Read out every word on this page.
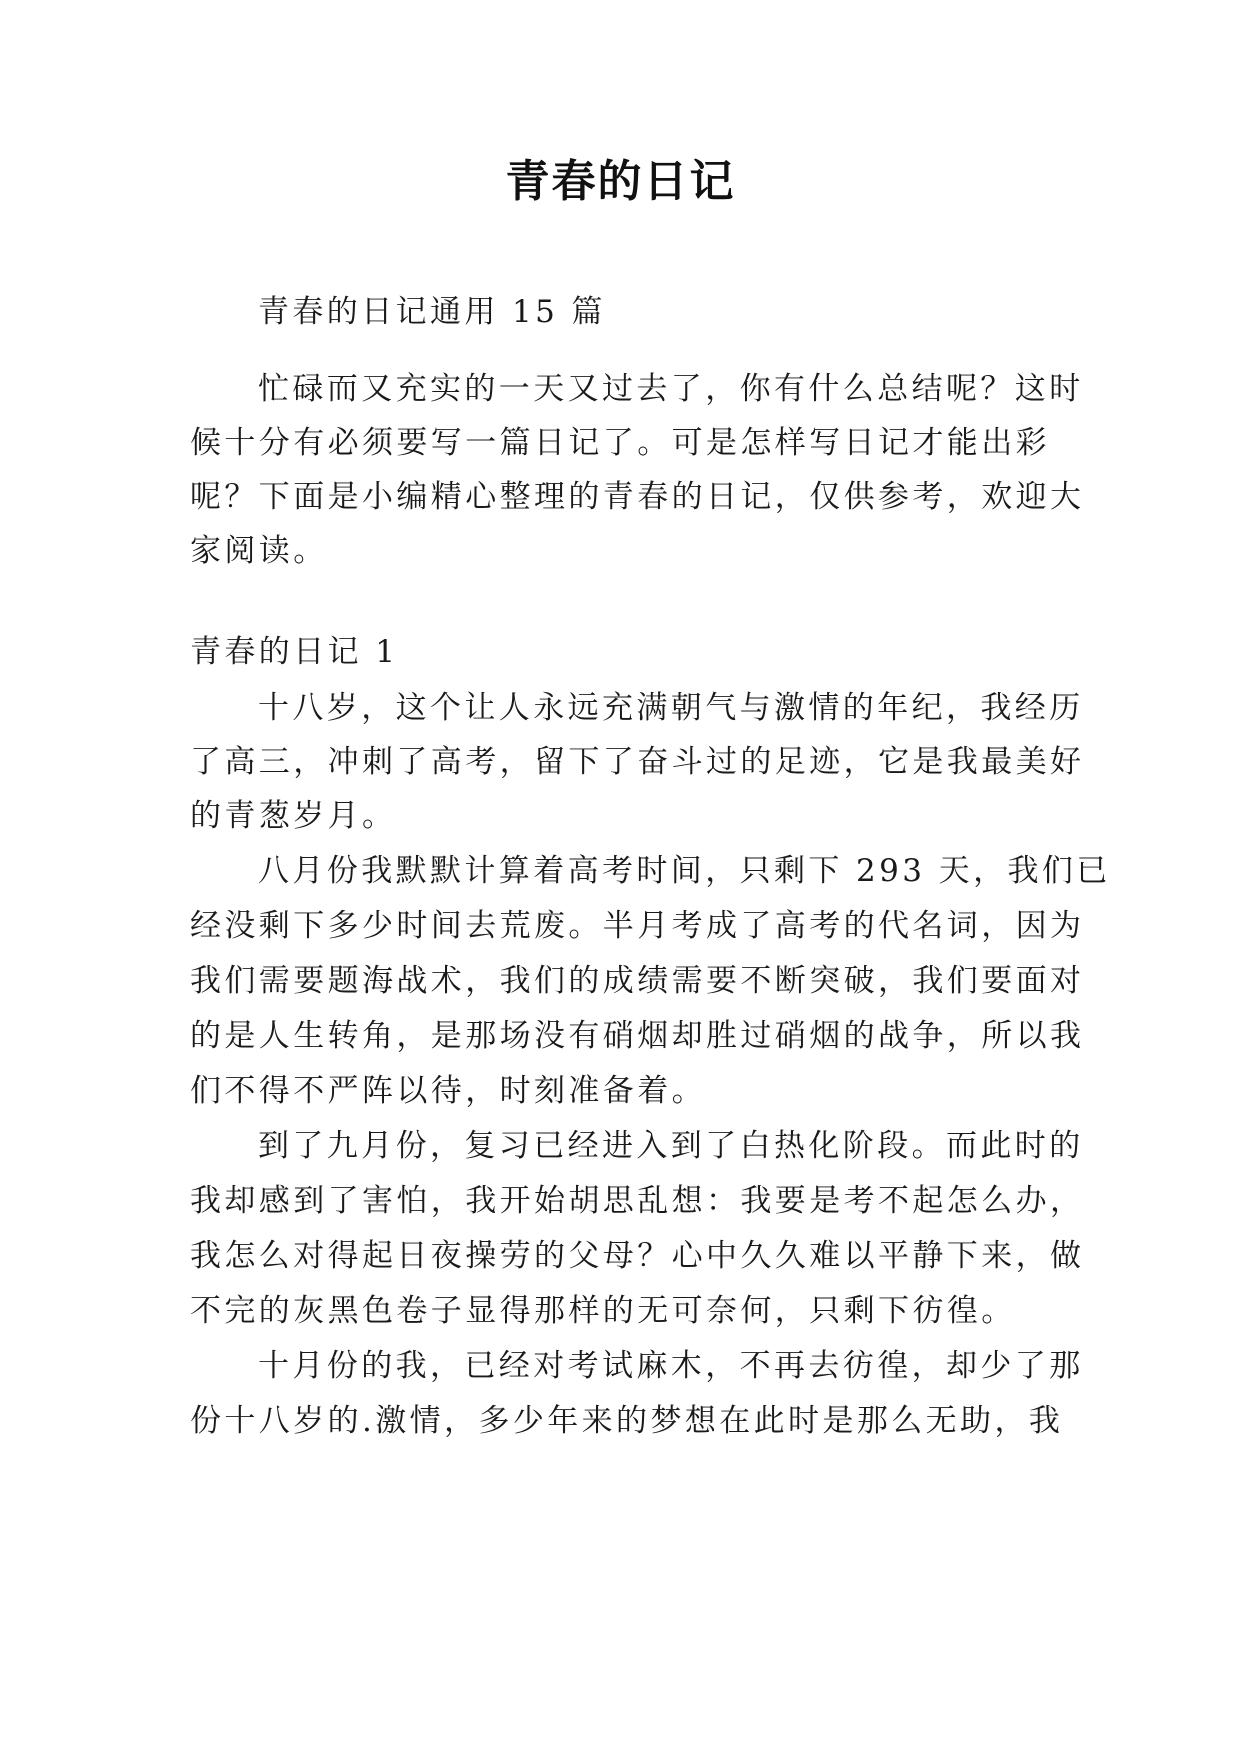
青春的日记
青春的日记通用 15 篇
忙碌而又充实的一天又过去了，你有什么总结呢？这时
候十分有必须要写一篇日记了。可是怎样写日记才能出彩
呢？下面是小编精心整理的青春的日记，仅供参考，欢迎大
家阅读。
青春的日记 1
十八岁，这个让人永远充满朝气与激情的年纪，我经历
了高三，冲刺了高考，留下了奋斗过的足迹，它是我最美好
的青葱岁月。
八月份我默默计算着高考时间，只剩下 293 天，我们已
经没剩下多少时间去荒废。半月考成了高考的代名词，因为
我们需要题海战术，我们的成绩需要不断突破，我们要面对
的是人生转角，是那场没有硝烟却胜过硝烟的战争，所以我
们不得不严阵以待，时刻准备着。
到了九月份，复习已经进入到了白热化阶段。而此时的
我却感到了害怕，我开始胡思乱想：我要是考不起怎么办，
我怎么对得起日夜操劳的父母？心中久久难以平静下来，做
不完的灰黑色卷子显得那样的无可奈何，只剩下彷徨。
十月份的我，已经对考试麻木，不再去彷徨，却少了那
份十八岁的.激情，多少年来的梦想在此时是那么无助，我
